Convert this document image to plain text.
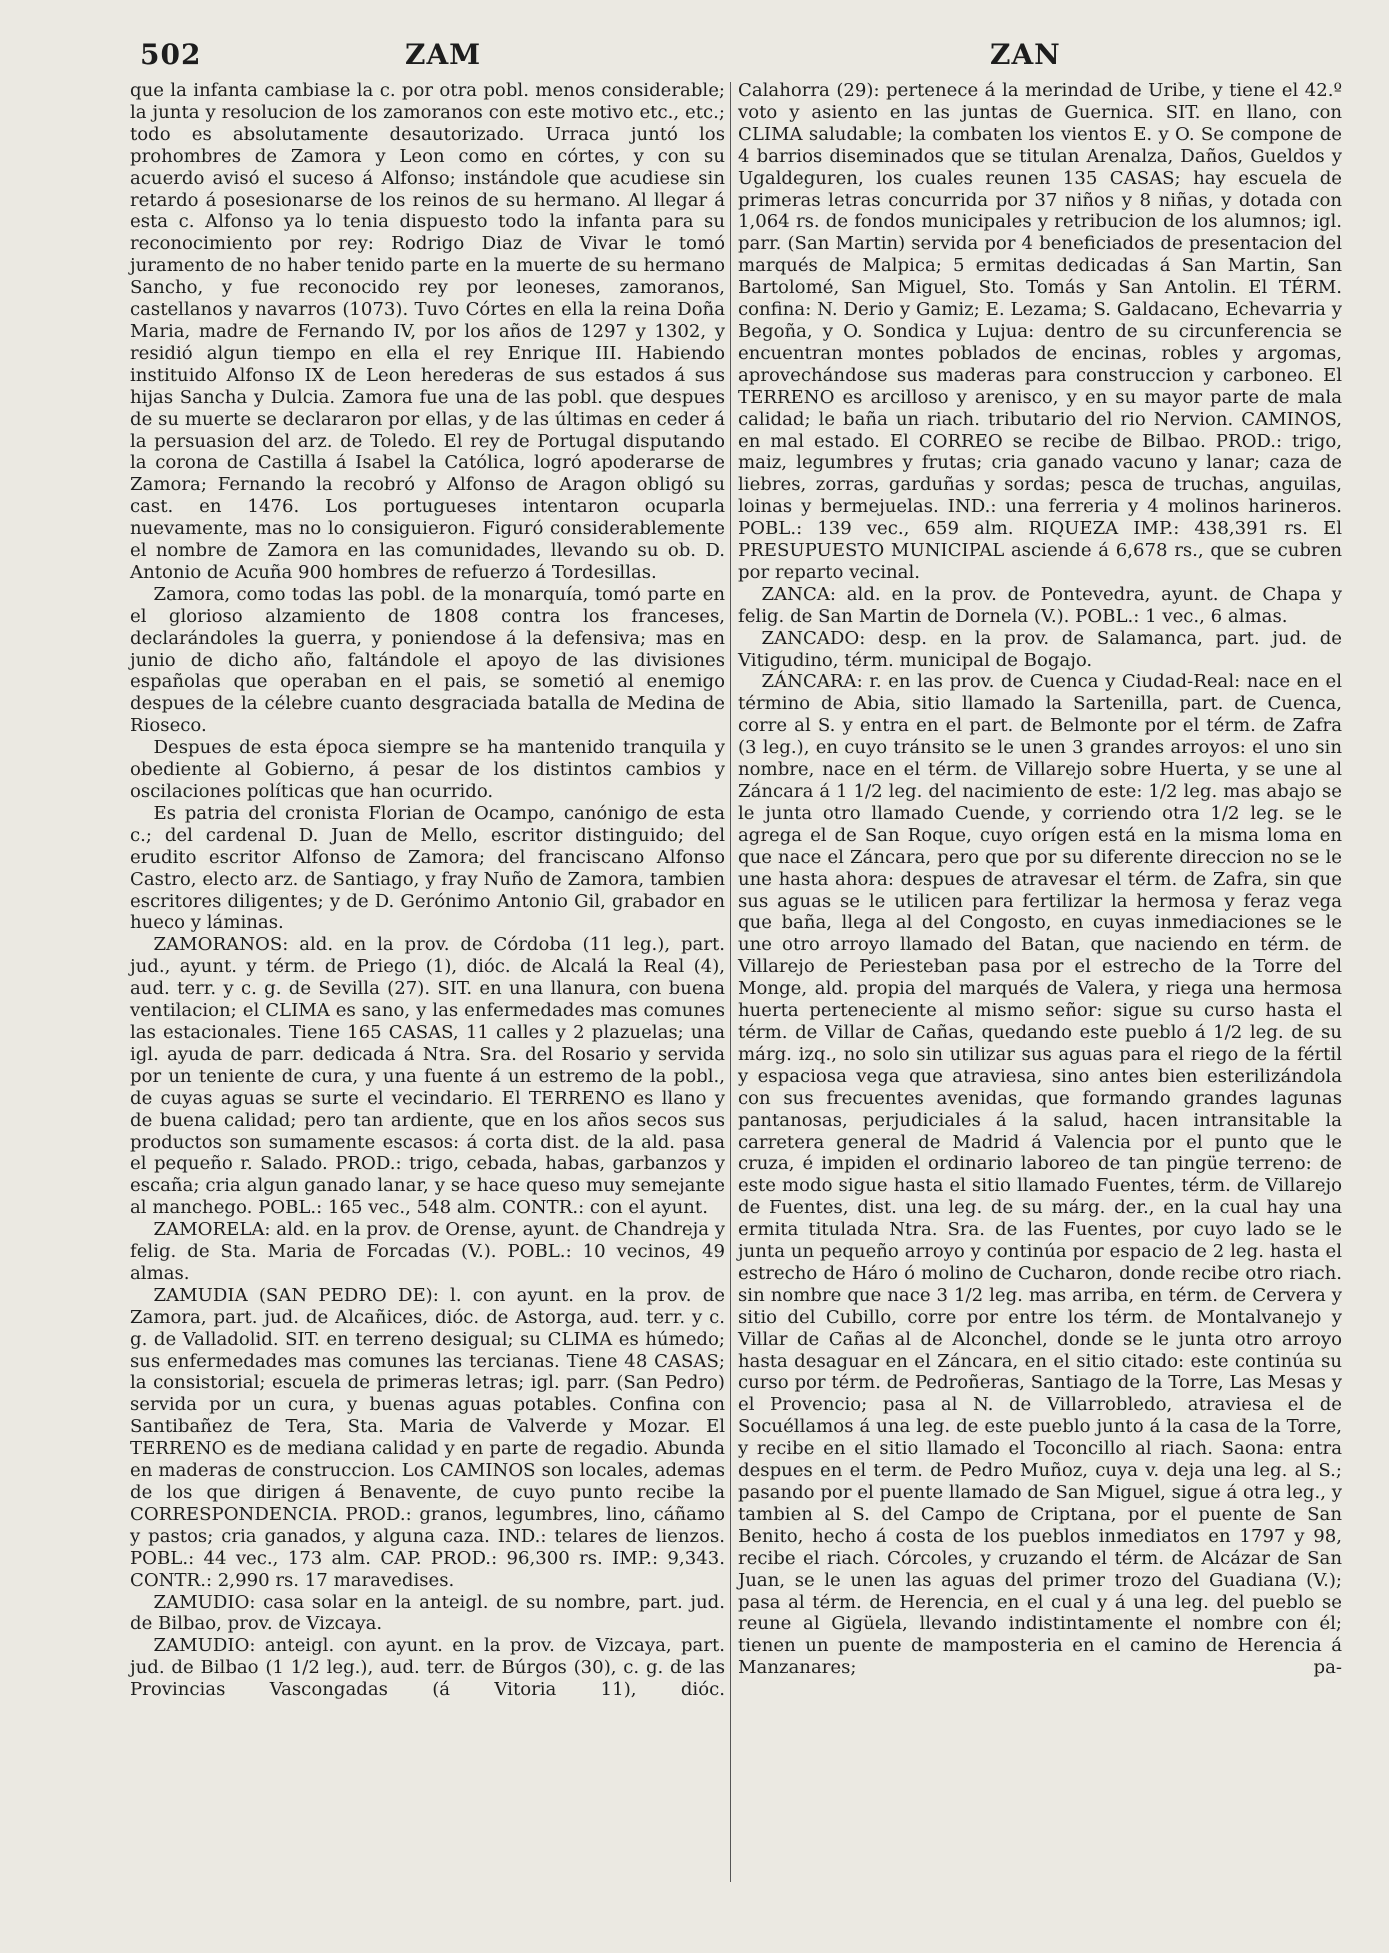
502	ZAM	ZAN

que la infanta cambiase la c. por otra pobl. menos considerable; la junta y resolucion de los zamoranos con este motivo etc., etc.; todo es absolutamente desautorizado. Urraca juntó los prohombres de Zamora y Leon como en córtes, y con su acuerdo avisó el suceso á Alfonso; instándole que acudiese sin retardo á posesionarse de los reinos de su hermano. Al llegar á esta c. Alfonso ya lo tenia dispuesto todo la infanta para su reconocimiento por rey: Rodrigo Diaz de Vivar le tomó juramento de no haber tenido parte en la muerte de su hermano Sancho, y fue reconocido rey por leoneses, zamoranos, castellanos y navarros (1073). Tuvo Córtes en ella la reina Doña Maria, madre de Fernando IV, por los años de 1297 y 1302, y residió algun tiempo en ella el rey Enrique III. Habiendo instituido Alfonso IX de Leon herederas de sus estados á sus hijas Sancha y Dulcia. Zamora fue una de las pobl. que despues de su muerte se declararon por ellas, y de las últimas en ceder á la persuasion del arz. de Toledo. El rey de Portugal disputando la corona de Castilla á Isabel la Católica, logró apoderarse de Zamora; Fernando la recobró y Alfonso de Aragon obligó su cast. en 1476. Los portugueses intentaron ocuparla nuevamente, mas no lo consiguieron. Figuró considerablemente el nombre de Zamora en las comunidades, llevando su ob. D. Antonio de Acuña 900 hombres de refuerzo á Tordesillas.

Zamora, como todas las pobl. de la monarquía, tomó parte en el glorioso alzamiento de 1808 contra los franceses, declarándoles la guerra, y poniendose á la defensiva; mas en junio de dicho año, faltándole el apoyo de las divisiones españolas que operaban en el pais, se sometió al enemigo despues de la célebre cuanto desgraciada batalla de Medina de Rioseco.

Despues de esta época siempre se ha mantenido tranquila y obediente al Gobierno, á pesar de los distintos cambios y oscilaciones políticas que han ocurrido.

Es patria del cronista Florian de Ocampo, canónigo de esta c.; del cardenal D. Juan de Mello, escritor distinguido; del erudito escritor Alfonso de Zamora; del franciscano Alfonso Castro, electo arz. de Santiago, y fray Nuño de Zamora, tambien escritores diligentes; y de D. Gerónimo Antonio Gil, grabador en hueco y láminas.

ZAMORANOS: ald. en la prov. de Córdoba (11 leg.), part. jud., ayunt. y térm. de Priego (1), dióc. de Alcalá la Real (4), aud. terr. y c. g. de Sevilla (27). SIT. en una llanura, con buena ventilacion; el CLIMA es sano, y las enfermedades mas comunes las estacionales. Tiene 165 CASAS, 11 calles y 2 plazuelas; una igl. ayuda de parr. dedicada á Ntra. Sra. del Rosario y servida por un teniente de cura, y una fuente á un estremo de la pobl., de cuyas aguas se surte el vecindario. El TERRENO es llano y de buena calidad; pero tan ardiente, que en los años secos sus productos son sumamente escasos: á corta dist. de la ald. pasa el pequeño r. Salado. PROD.: trigo, cebada, habas, garbanzos y escaña; cria algun ganado lanar, y se hace queso muy semejante al manchego. POBL.: 165 vec., 548 alm. CONTR.: con el ayunt.

ZAMORELA: ald. en la prov. de Orense, ayunt. de Chandreja y felig. de Sta. Maria de Forcadas (V.). POBL.: 10 vecinos, 49 almas.

ZAMUDIA (SAN PEDRO DE): l. con ayunt. en la prov. de Zamora, part. jud. de Alcañices, dióc. de Astorga, aud. terr. y c. g. de Valladolid. SIT. en terreno desigual; su CLIMA es húmedo; sus enfermedades mas comunes las tercianas. Tiene 48 CASAS; la consistorial; escuela de primeras letras; igl. parr. (San Pedro) servida por un cura, y buenas aguas potables. Confina con Santibañez de Tera, Sta. Maria de Valverde y Mozar. El TERRENO es de mediana calidad y en parte de regadio. Abunda en maderas de construccion. Los CAMINOS son locales, ademas de los que dirigen á Benavente, de cuyo punto recibe la CORRESPONDENCIA. PROD.: granos, legumbres, lino, cáñamo y pastos; cria ganados, y alguna caza. IND.: telares de lienzos. POBL.: 44 vec., 173 alm. CAP. PROD.: 96,300 rs. IMP.: 9,343. CONTR.: 2,990 rs. 17 maravedises.

ZAMUDIO: casa solar en la anteigl. de su nombre, part. jud. de Bilbao, prov. de Vizcaya.

ZAMUDIO: anteigl. con ayunt. en la prov. de Vizcaya, part. jud. de Bilbao (1 1/2 leg.), aud. terr. de Búrgos (30), c. g. de las Provincias Vascongadas (á Vitoria 11), dióc.

Calahorra (29): pertenece á la merindad de Uribe, y tiene el 42.º voto y asiento en las juntas de Guernica. SIT. en llano, con CLIMA saludable; la combaten los vientos E. y O. Se compone de 4 barrios diseminados que se titulan Arenalza, Daños, Gueldos y Ugaldeguren, los cuales reunen 135 CASAS; hay escuela de primeras letras concurrida por 37 niños y 8 niñas, y dotada con 1,064 rs. de fondos municipales y retribucion de los alumnos; igl. parr. (San Martin) servida por 4 beneficiados de presentacion del marqués de Malpica; 5 ermitas dedicadas á San Martin, San Bartolomé, San Miguel, Sto. Tomás y San Antolin. El TÉRM. confina: N. Derio y Gamiz; E. Lezama; S. Galdacano, Echevarria y Begoña, y O. Sondica y Lujua: dentro de su circunferencia se encuentran montes poblados de encinas, robles y argomas, aprovechándose sus maderas para construccion y carboneo. El TERRENO es arcilloso y arenisco, y en su mayor parte de mala calidad; le baña un riach. tributario del rio Nervion. CAMINOS, en mal estado. El CORREO se recibe de Bilbao. PROD.: trigo, maiz, legumbres y frutas; cria ganado vacuno y lanar; caza de liebres, zorras, garduñas y sordas; pesca de truchas, anguilas, loinas y bermejuelas. IND.: una ferreria y 4 molinos harineros. POBL.: 139 vec., 659 alm. RIQUEZA IMP.: 438,391 rs. El PRESUPUESTO MUNICIPAL asciende á 6,678 rs., que se cubren por reparto vecinal.

ZANCA: ald. en la prov. de Pontevedra, ayunt. de Chapa y felig. de San Martin de Dornela (V.). POBL.: 1 vec., 6 almas.

ZANCADO: desp. en la prov. de Salamanca, part. jud. de Vitigudino, térm. municipal de Bogajo.

ZÁNCARA: r. en las prov. de Cuenca y Ciudad-Real: nace en el término de Abia, sitio llamado la Sartenilla, part. de Cuenca, corre al S. y entra en el part. de Belmonte por el térm. de Zafra (3 leg.), en cuyo tránsito se le unen 3 grandes arroyos: el uno sin nombre, nace en el térm. de Villarejo sobre Huerta, y se une al Záncara á 1 1/2 leg. del nacimiento de este: 1/2 leg. mas abajo se le junta otro llamado Cuende, y corriendo otra 1/2 leg. se le agrega el de San Roque, cuyo orígen está en la misma loma en que nace el Záncara, pero que por su diferente direccion no se le une hasta ahora: despues de atravesar el térm. de Zafra, sin que sus aguas se le utilicen para fertilizar la hermosa y feraz vega que baña, llega al del Congosto, en cuyas inmediaciones se le une otro arroyo llamado del Batan, que naciendo en térm. de Villarejo de Periesteban pasa por el estrecho de la Torre del Monge, ald. propia del marqués de Valera, y riega una hermosa huerta perteneciente al mismo señor: sigue su curso hasta el térm. de Villar de Cañas, quedando este pueblo á 1/2 leg. de su márg. izq., no solo sin utilizar sus aguas para el riego de la fértil y espaciosa vega que atraviesa, sino antes bien esterilizándola con sus frecuentes avenidas, que formando grandes lagunas pantanosas, perjudiciales á la salud, hacen intransitable la carretera general de Madrid á Valencia por el punto que le cruza, é impiden el ordinario laboreo de tan pingüe terreno: de este modo sigue hasta el sitio llamado Fuentes, térm. de Villarejo de Fuentes, dist. una leg. de su márg. der., en la cual hay una ermita titulada Ntra. Sra. de las Fuentes, por cuyo lado se le junta un pequeño arroyo y continúa por espacio de 2 leg. hasta el estrecho de Háro ó molino de Cucharon, donde recibe otro riach. sin nombre que nace 3 1/2 leg. mas arriba, en térm. de Cervera y sitio del Cubillo, corre por entre los térm. de Montalvanejo y Villar de Cañas al de Alconchel, donde se le junta otro arroyo hasta desaguar en el Záncara, en el sitio citado: este continúa su curso por térm. de Pedroñeras, Santiago de la Torre, Las Mesas y el Provencio; pasa al N. de Villarrobledo, atraviesa el de Socuéllamos á una leg. de este pueblo junto á la casa de la Torre, y recibe en el sitio llamado el Toconcillo al riach. Saona: entra despues en el term. de Pedro Muñoz, cuya v. deja una leg. al S.; pasando por el puente llamado de San Miguel, sigue á otra leg., y tambien al S. del Campo de Criptana, por el puente de San Benito, hecho á costa de los pueblos inmediatos en 1797 y 98, recibe el riach. Córcoles, y cruzando el térm. de Alcázar de San Juan, se le unen las aguas del primer trozo del Guadiana (V.); pasa al térm. de Herencia, en el cual y á una leg. del pueblo se reune al Gigüela, llevando indistintamente el nombre con él; tienen un puente de mamposteria en el camino de Herencia á Manzanares; pa-
